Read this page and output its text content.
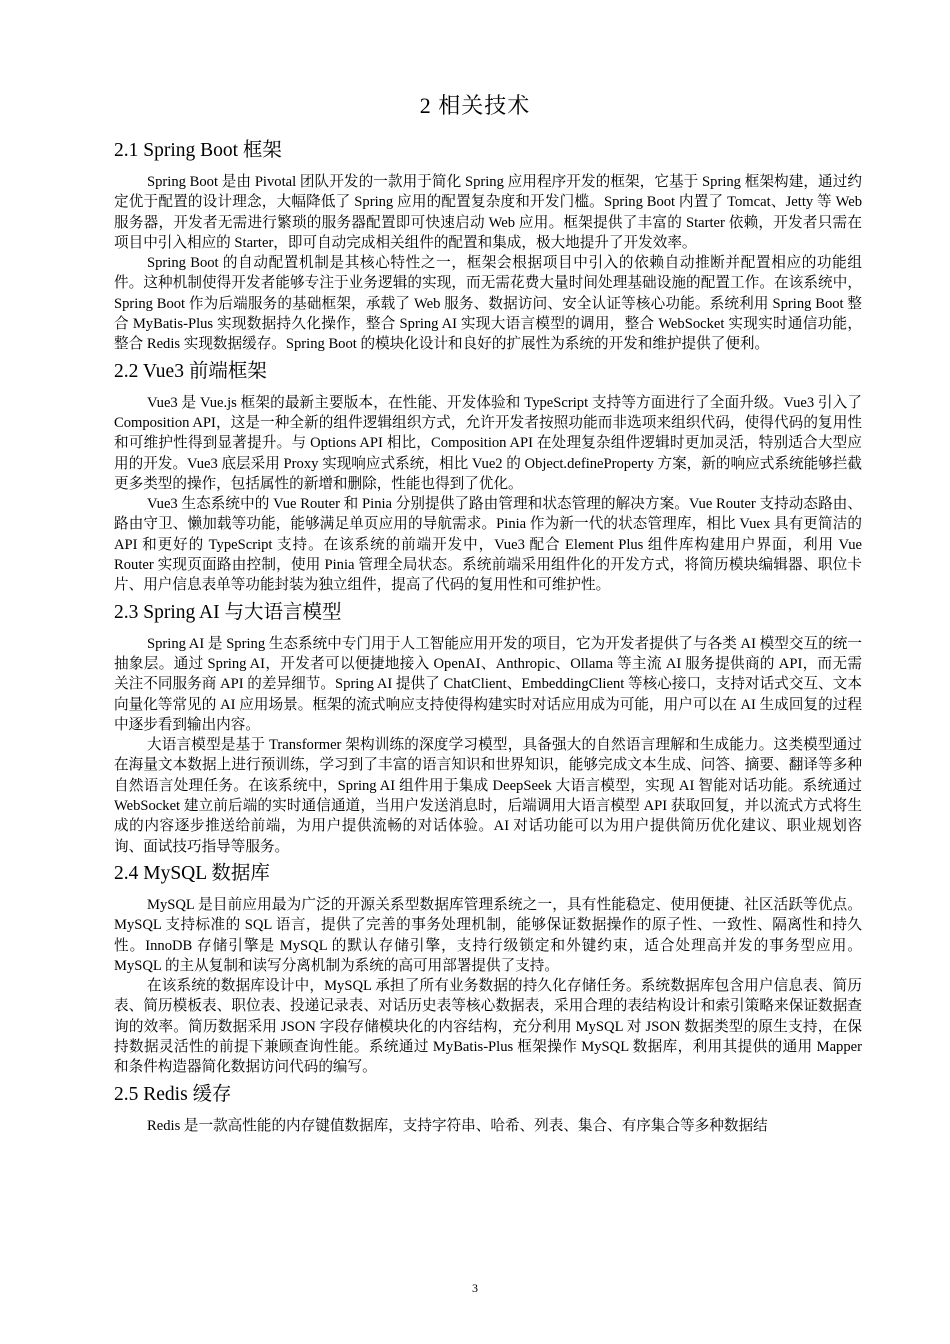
2 相关技术
2.1 Spring Boot 框架

Spring Boot 是由 Pivotal 团队开发的一款用于简化 Spring 应用程序开发的框架，它基于 Spring 框架构建，通过约定优于配置的设计理念，大幅降低了 Spring 应用的配置复杂度和开发门槛。Spring Boot 内置了 Tomcat、Jetty 等 Web 服务器，开发者无需进行繁琐的服务器配置即可快速启动 Web 应用。框架提供了丰富的 Starter 依赖，开发者只需在项目中引入相应的 Starter，即可自动完成相关组件的配置和集成，极大地提升了开发效率。

Spring Boot 的自动配置机制是其核心特性之一，框架会根据项目中引入的依赖自动推断并配置相应的功能组件。这种机制使得开发者能够专注于业务逻辑的实现，而无需花费大量时间处理基础设施的配置工作。在该系统中，Spring Boot 作为后端服务的基础框架，承载了 Web 服务、数据访问、安全认证等核心功能。系统利用 Spring Boot 整合 MyBatis-Plus 实现数据持久化操作，整合 Spring AI 实现大语言模型的调用，整合 WebSocket 实现实时通信功能，整合 Redis 实现数据缓存。Spring Boot 的模块化设计和良好的扩展性为系统的开发和维护提供了便利。

2.2 Vue3 前端框架

Vue3 是 Vue.js 框架的最新主要版本，在性能、开发体验和 TypeScript 支持等方面进行了全面升级。Vue3 引入了 Composition API，这是一种全新的组件逻辑组织方式，允许开发者按照功能而非选项来组织代码，使得代码的复用性和可维护性得到显著提升。与 Options API 相比，Composition API 在处理复杂组件逻辑时更加灵活，特别适合大型应用的开发。Vue3 底层采用 Proxy 实现响应式系统，相比 Vue2 的 Object.defineProperty 方案，新的响应式系统能够拦截更多类型的操作，包括属性的新增和删除，性能也得到了优化。

Vue3 生态系统中的 Vue Router 和 Pinia 分别提供了路由管理和状态管理的解决方案。Vue Router 支持动态路由、路由守卫、懒加载等功能，能够满足单页应用的导航需求。Pinia 作为新一代的状态管理库，相比 Vuex 具有更简洁的 API 和更好的 TypeScript 支持。在该系统的前端开发中，Vue3 配合 Element Plus 组件库构建用户界面，利用 Vue Router 实现页面路由控制，使用 Pinia 管理全局状态。系统前端采用组件化的开发方式，将简历模块编辑器、职位卡片、用户信息表单等功能封装为独立组件，提高了代码的复用性和可维护性。

2.3 Spring AI 与大语言模型

Spring AI 是 Spring 生态系统中专门用于人工智能应用开发的项目，它为开发者提供了与各类 AI 模型交互的统一抽象层。通过 Spring AI，开发者可以便捷地接入 OpenAI、Anthropic、Ollama 等主流 AI 服务提供商的 API，而无需关注不同服务商 API 的差异细节。Spring AI 提供了 ChatClient、EmbeddingClient 等核心接口，支持对话式交互、文本向量化等常见的 AI 应用场景。框架的流式响应支持使得构建实时对话应用成为可能，用户可以在 AI 生成回复的过程中逐步看到输出内容。

大语言模型是基于 Transformer 架构训练的深度学习模型，具备强大的自然语言理解和生成能力。这类模型通过在海量文本数据上进行预训练，学习到了丰富的语言知识和世界知识，能够完成文本生成、问答、摘要、翻译等多种自然语言处理任务。在该系统中，Spring AI 组件用于集成 DeepSeek 大语言模型，实现 AI 智能对话功能。系统通过 WebSocket 建立前后端的实时通信通道，当用户发送消息时，后端调用大语言模型 API 获取回复，并以流式方式将生成的内容逐步推送给前端，为用户提供流畅的对话体验。AI 对话功能可以为用户提供简历优化建议、职业规划咨询、面试技巧指导等服务。

2.4 MySQL 数据库

MySQL 是目前应用最为广泛的开源关系型数据库管理系统之一，具有性能稳定、使用便捷、社区活跃等优点。MySQL 支持标准的 SQL 语言，提供了完善的事务处理机制，能够保证数据操作的原子性、一致性、隔离性和持久性。InnoDB 存储引擎是 MySQL 的默认存储引擎，支持行级锁定和外键约束，适合处理高并发的事务型应用。MySQL 的主从复制和读写分离机制为系统的高可用部署提供了支持。

在该系统的数据库设计中，MySQL 承担了所有业务数据的持久化存储任务。系统数据库包含用户信息表、简历表、简历模板表、职位表、投递记录表、对话历史表等核心数据表，采用合理的表结构设计和索引策略来保证数据查询的效率。简历数据采用 JSON 字段存储模块化的内容结构，充分利用 MySQL 对 JSON 数据类型的原生支持，在保持数据灵活性的前提下兼顾查询性能。系统通过 MyBatis-Plus 框架操作 MySQL 数据库，利用其提供的通用 Mapper 和条件构造器简化数据访问代码的编写。

2.5 Redis 缓存

Redis 是一款高性能的内存键值数据库，支持字符串、哈希、列表、集合、有序集合等多种数据结

3
